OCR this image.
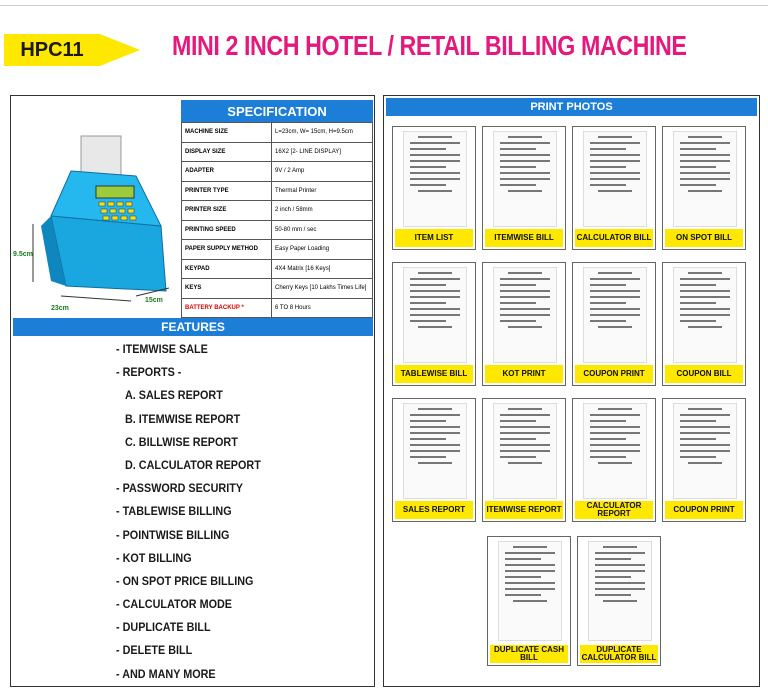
HPC11	MINI 2 INCH HOTEL / RETAIL BILLING MACHINE
9.5cm
23cm
15cm
SPECIFICATION
MACHINE SIZE	L=23cm, W= 15cm, H=9.5cm
DISPLAY SIZE	16X2 [2- LINE DISPLAY]
ADAPTER	9V / 2 Amp
PRINTER TYPE	Thermal Printer
PRINTER SIZE	2 inch / 58mm
PRINTING SPEED	50-80 mm / sec
PAPER SUPPLY METHOD	Easy Paper Loading
KEYPAD	4X4 Matrix [16 Keys]
KEYS	Cherry Keys [10 Lakhs Times Life]
BATTERY BACKUP *	6 TO 8 Hours
FEATURES
- ITEMWISE SALE
- REPORTS -
A. SALES REPORT
B. ITEMWISE REPORT
C. BILLWISE REPORT
D. CALCULATOR REPORT
- PASSWORD SECURITY
- TABLEWISE BILLING
- POINTWISE BILLING
- KOT BILLING
- ON SPOT PRICE BILLING
- CALCULATOR MODE
- DUPLICATE BILL
- DELETE BILL
- AND MANY MORE
PRINT PHOTOS
ITEM LIST	ITEMWISE BILL	CALCULATOR BILL	ON SPOT BILL
TABLEWISE BILL	KOT PRINT	COUPON PRINT	COUPON BILL
SALES REPORT	ITEMWISE REPORT	CALCULATOR REPORT	COUPON PRINT
DUPLICATE CASH BILL
DUPLICATE CALCULATOR BILL
